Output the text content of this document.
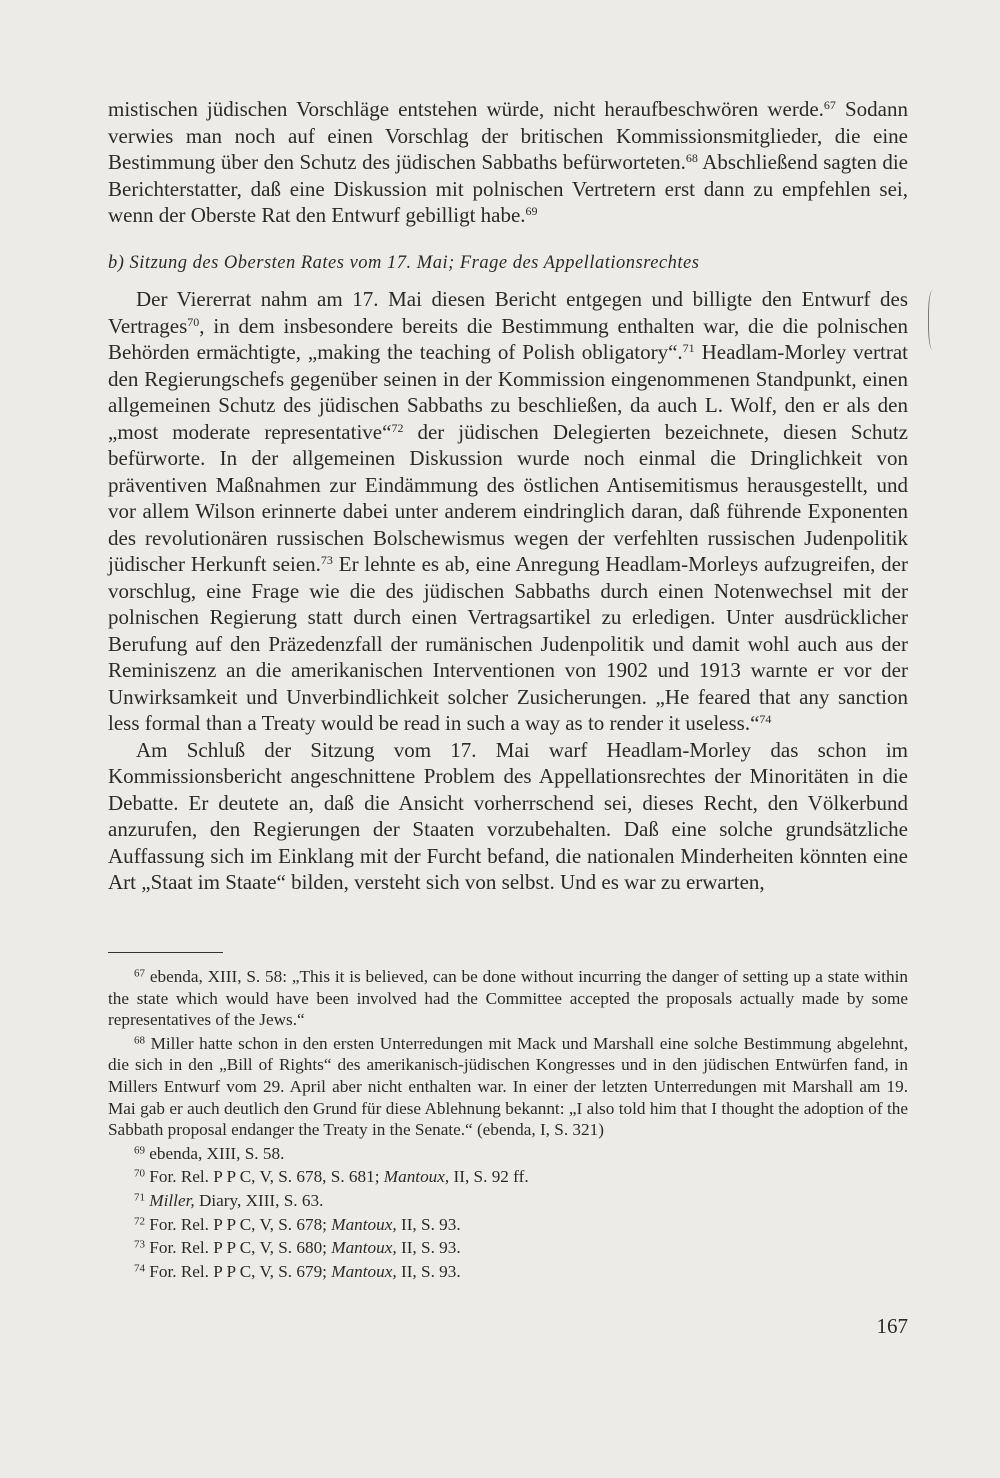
mistischen jüdischen Vorschläge entstehen würde, nicht heraufbeschwören werde.$^{67}$ Sodann verwies man noch auf einen Vorschlag der britischen Kommissionsmitglieder, die eine Bestimmung über den Schutz des jüdischen Sabbaths befürworteten.$^{68}$ Abschließend sagten die Berichterstatter, daß eine Diskussion mit polnischen Vertretern erst dann zu empfehlen sei, wenn der Oberste Rat den Entwurf gebilligt habe.$^{69}$

b) Sitzung des Obersten Rates vom 17. Mai; Frage des Appellationsrechtes

Der Viererrat nahm am 17. Mai diesen Bericht entgegen und billigte den Entwurf des Vertrages$^{70}$, in dem insbesondere bereits die Bestimmung enthalten war, die die polnischen Behörden ermächtigte, „making the teaching of Polish obligatory“.$^{71}$ Headlam-Morley vertrat den Regierungschefs gegenüber seinen in der Kommission eingenommenen Standpunkt, einen allgemeinen Schutz des jüdischen Sabbaths zu beschließen, da auch L. Wolf, den er als den „most moderate representative“$^{72}$ der jüdischen Delegierten bezeichnete, diesen Schutz befürworte. In der allgemeinen Diskussion wurde noch einmal die Dringlichkeit von präventiven Maßnahmen zur Eindämmung des östlichen Antisemitismus herausgestellt, und vor allem Wilson erinnerte dabei unter anderem eindringlich daran, daß führende Exponenten des revolutionären russischen Bolschewismus wegen der verfehlten russischen Judenpolitik jüdischer Herkunft seien.$^{73}$ Er lehnte es ab, eine Anregung Headlam-Morleys aufzugreifen, der vorschlug, eine Frage wie die des jüdischen Sabbaths durch einen Notenwechsel mit der polnischen Regierung statt durch einen Vertragsartikel zu erledigen. Unter ausdrücklicher Berufung auf den Präzedenzfall der rumänischen Judenpolitik und damit wohl auch aus der Reminiszenz an die amerikanischen Interventionen von 1902 und 1913 warnte er vor der Unwirksamkeit und Unverbindlichkeit solcher Zusicherungen. „He feared that any sanction less formal than a Treaty would be read in such a way as to render it useless.“$^{74}$

Am Schluß der Sitzung vom 17. Mai warf Headlam-Morley das schon im Kommissionsbericht angeschnittene Problem des Appellationsrechtes der Minoritäten in die Debatte. Er deutete an, daß die Ansicht vorherrschend sei, dieses Recht, den Völkerbund anzurufen, den Regierungen der Staaten vorzubehalten. Daß eine solche grundsätzliche Auffassung sich im Einklang mit der Furcht befand, die nationalen Minderheiten könnten eine Art „Staat im Staate“ bilden, versteht sich von selbst. Und es war zu erwarten,

$^{67}$ ebenda, XIII, S. 58: „This it is believed, can be done without incurring the danger of setting up a state within the state which would have been involved had the Committee accepted the proposals actually made by some representatives of the Jews.“

$^{68}$ Miller hatte schon in den ersten Unterredungen mit Mack und Marshall eine solche Bestimmung abgelehnt, die sich in den „Bill of Rights“ des amerikanisch-jüdischen Kongresses und in den jüdischen Entwürfen fand, in Millers Entwurf vom 29. April aber nicht enthalten war. In einer der letzten Unterredungen mit Marshall am 19. Mai gab er auch deutlich den Grund für diese Ablehnung bekannt: „I also told him that I thought the adoption of the Sabbath proposal endanger the Treaty in the Senate.“ (ebenda, I, S. 321)

$^{69}$ ebenda, XIII, S. 58.

$^{70}$ For. Rel. P P C, V, S. 678, S. 681; Mantoux, II, S. 92 ff.

$^{71}$ Miller, Diary, XIII, S. 63.

$^{72}$ For. Rel. P P C, V, S. 678; Mantoux, II, S. 93.

$^{73}$ For. Rel. P P C, V, S. 680; Mantoux, II, S. 93.

$^{74}$ For. Rel. P P C, V, S. 679; Mantoux, II, S. 93.

167
